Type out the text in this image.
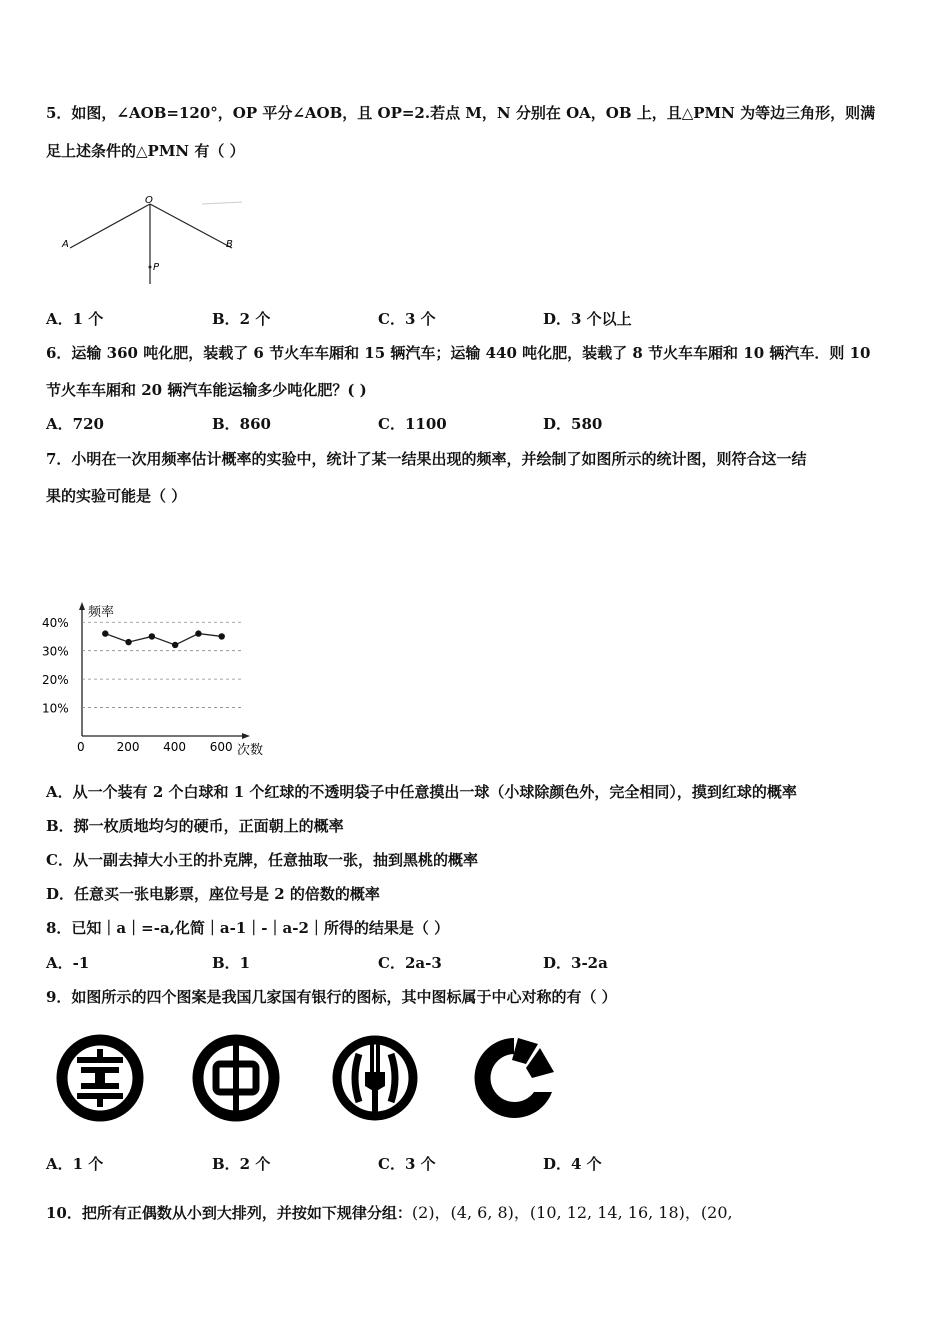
5．如图，∠AOB=120°，OP 平分∠AOB，且 OP=2.若点 M，N 分别在 OA，OB 上，且△PMN 为等边三角形，则满
足上述条件的△PMN 有（ ）
O
A	B
P
A．1 个	B．2 个	C．3 个	D．3 个以上
6．运输 360 吨化肥，装载了 6 节火车车厢和 15 辆汽车；运输 440 吨化肥，装载了 8 节火车车厢和 10 辆汽车．则 10
节火车车厢和 20 辆汽车能运输多少吨化肥？( )
A．720	B．860	C．1100	D．580
7．小明在一次用频率估计概率的实验中，统计了某一结果出现的频率，并绘制了如图所示的统计图，则符合这一结
果的实验可能是（ ）
10%
20%
30%
40%
0	200 400 600
频率
次数
A．从一个装有 2 个白球和 1 个红球的不透明袋子中任意摸出一球（小球除颜色外，完全相同），摸到红球的概率
B．掷一枚质地均匀的硬币，正面朝上的概率
C．从一副去掉大小王的扑克牌，任意抽取一张，抽到黑桃的概率
D．任意买一张电影票，座位号是 2 的倍数的概率
8．已知｜a｜=-a,化简｜a-1｜-｜a-2｜所得的结果是（ ）
A．-1	B．1	C．2a-3	D．3-2a
9．如图所示的四个图案是我国几家国有银行的图标，其中图标属于中心对称的有（ ）
A．1 个	B．2 个	C．3 个	D．4 个
10．把所有正偶数从小到大排列，并按如下规律分组：(2)，(4, 6, 8)，(10, 12, 14, 16, 18)，(20,
